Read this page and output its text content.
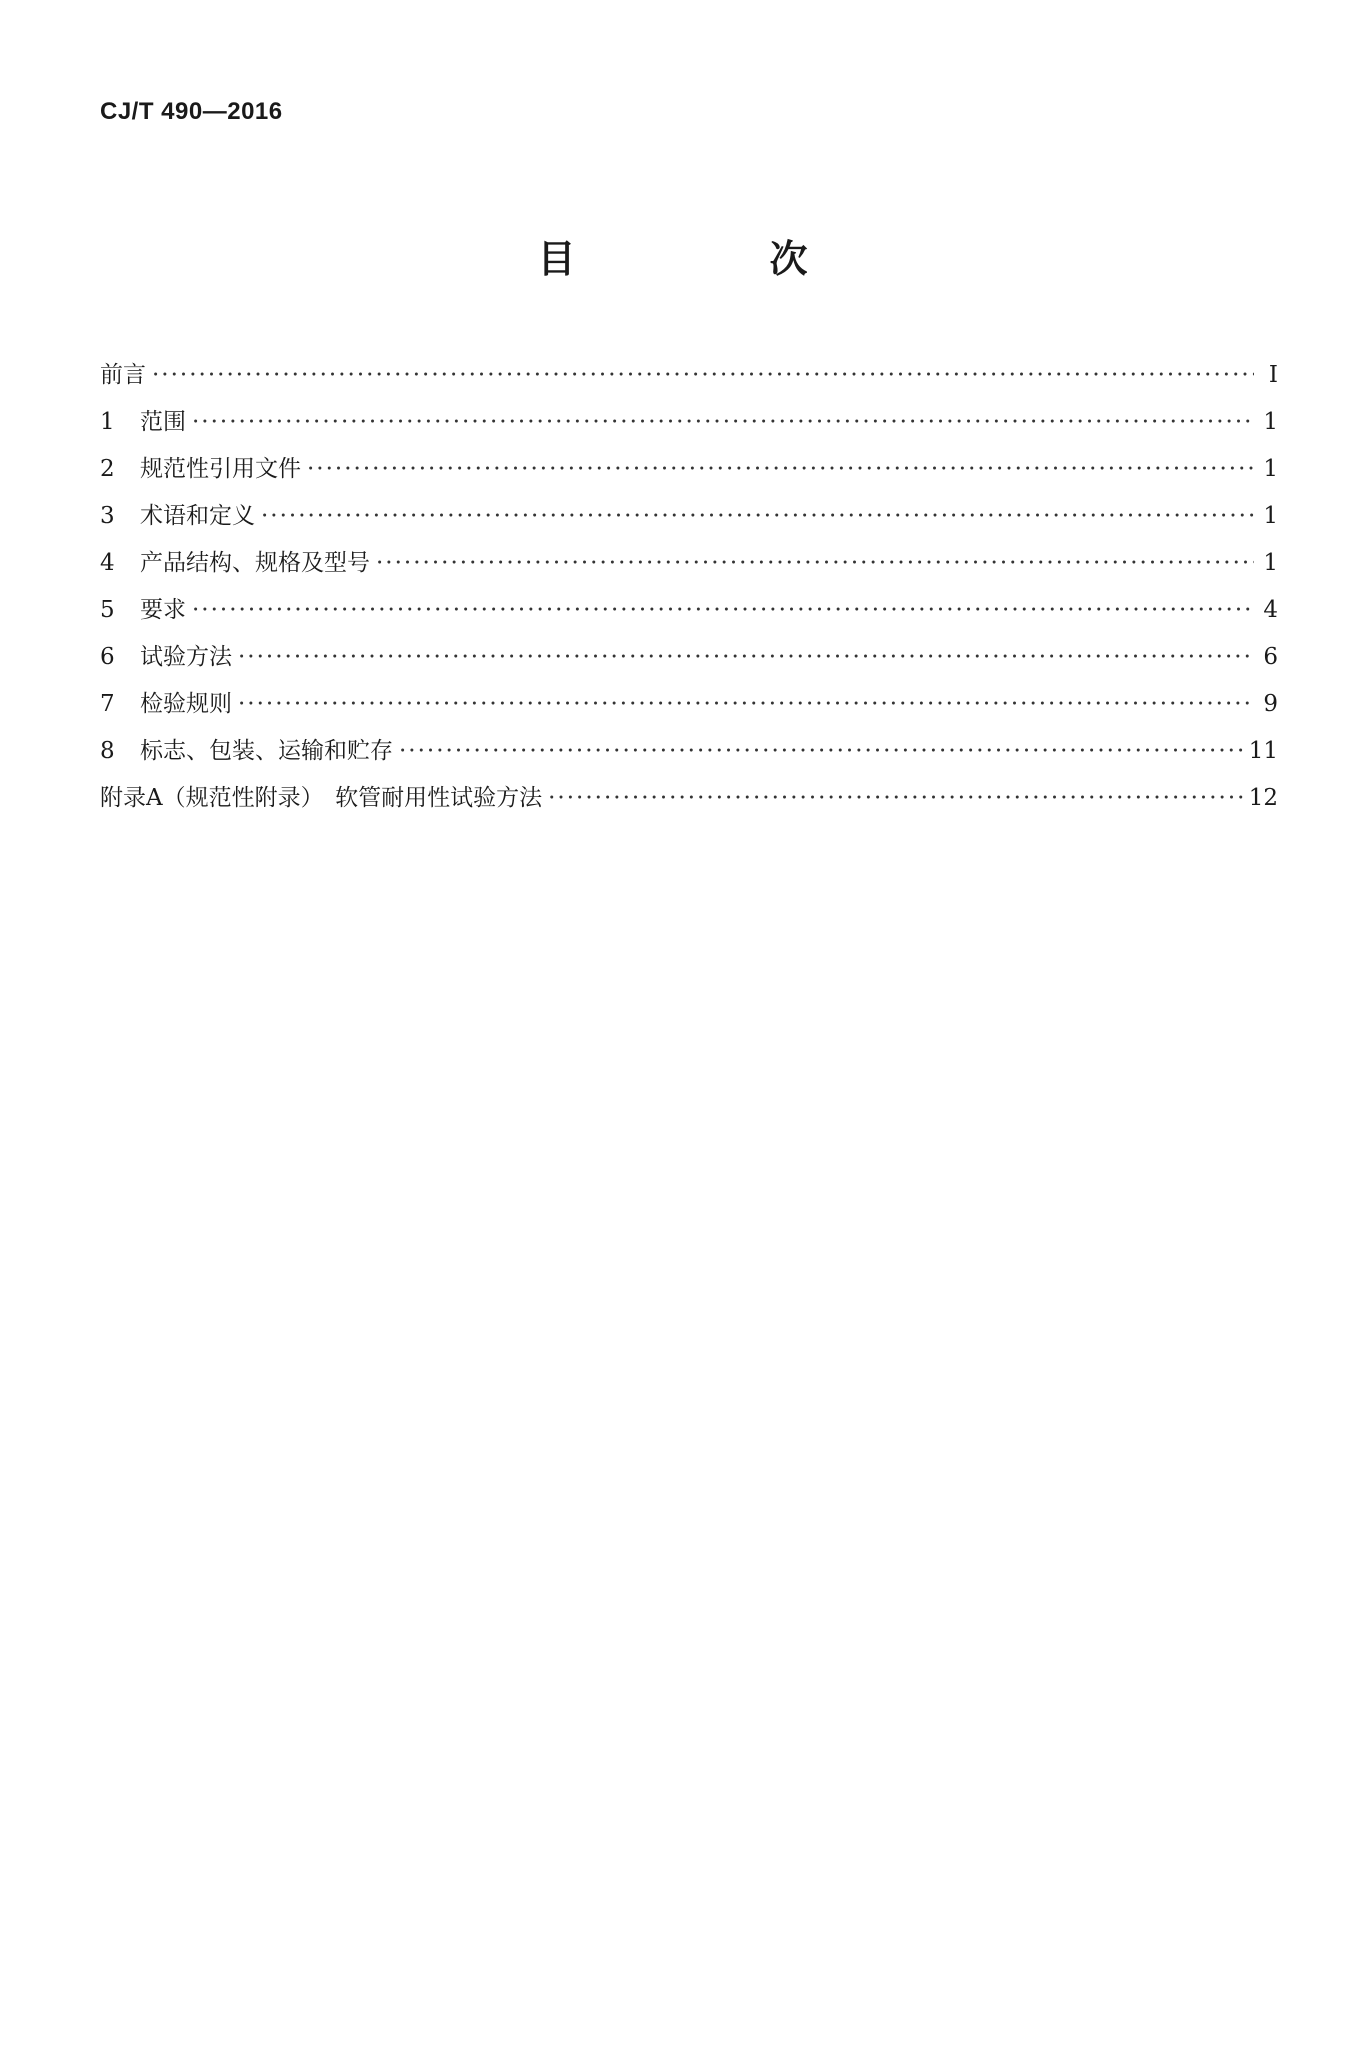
CJ/T 490—2016
目　次
前言 ·····	Ⅰ
1	范围 ·····	1
2	规范性引用文件 ·····	1
3	术语和定义 ·····	1
4	产品结构、规格及型号 ·····	1
5	要求 ·····	4
6	试验方法 ·····	6
7	检验规则 ·····	9
8	标志、包装、运输和贮存 ·····	11
附录A（规范性附录）　软管耐用性试验方法 ·····	12
